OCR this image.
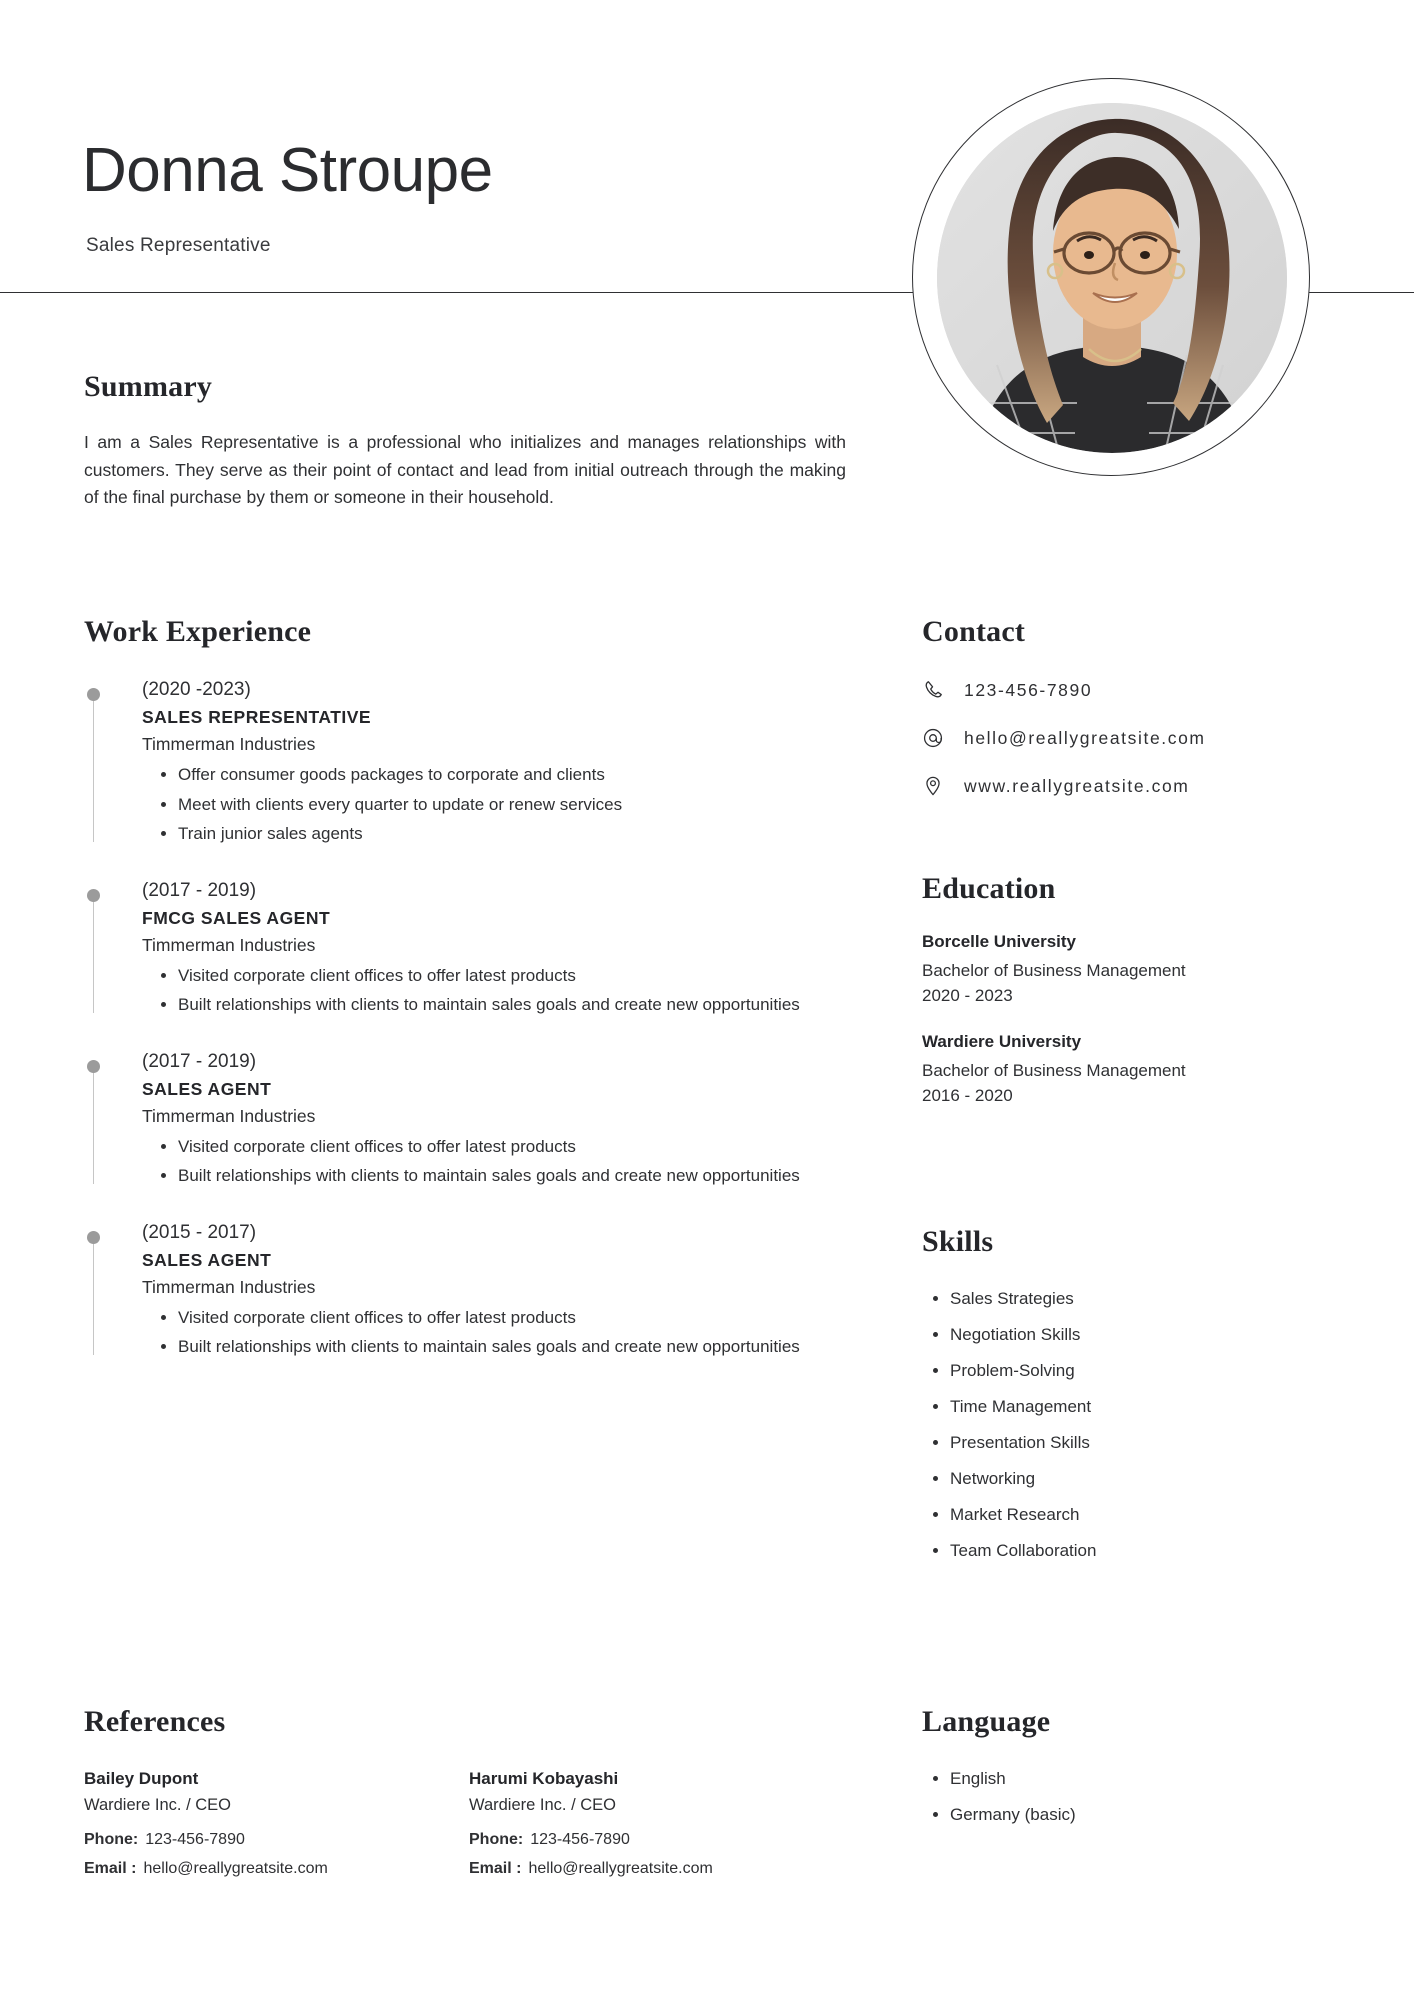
Donna Stroupe
Sales Representative
Summary
I am a Sales Representative is a professional who initializes and manages relationships with customers. They serve as their point of contact and lead from initial outreach through the making of the final purchase by them or someone in their household.
Work Experience
(2020 -2023)
SALES REPRESENTATIVE
Timmerman Industries
• Offer consumer goods packages to corporate and clients
• Meet with clients every quarter to update or renew services
• Train junior sales agents
(2017 - 2019)
FMCG SALES AGENT
Timmerman Industries
• Visited corporate client offices to offer latest products
• Built relationships with clients to maintain sales goals and create new opportunities
(2017 - 2019)
SALES AGENT
Timmerman Industries
• Visited corporate client offices to offer latest products
• Built relationships with clients to maintain sales goals and create new opportunities
(2015 - 2017)
SALES AGENT
Timmerman Industries
• Visited corporate client offices to offer latest products
• Built relationships with clients to maintain sales goals and create new opportunities
Contact
123-456-7890
hello@reallygreatsite.com
www.reallygreatsite.com
Education
Borcelle University
Bachelor of Business Management
2020 - 2023
Wardiere University
Bachelor of Business Management
2016 - 2020
Skills
• Sales Strategies
• Negotiation Skills
• Problem-Solving
• Time Management
• Presentation Skills
• Networking
• Market Research
• Team Collaboration
References
Bailey Dupont
Wardiere Inc. / CEO
Phone: 123-456-7890
Email : hello@reallygreatsite.com
Harumi Kobayashi
Wardiere Inc. / CEO
Phone: 123-456-7890
Email : hello@reallygreatsite.com
Language
• English
• Germany (basic)
